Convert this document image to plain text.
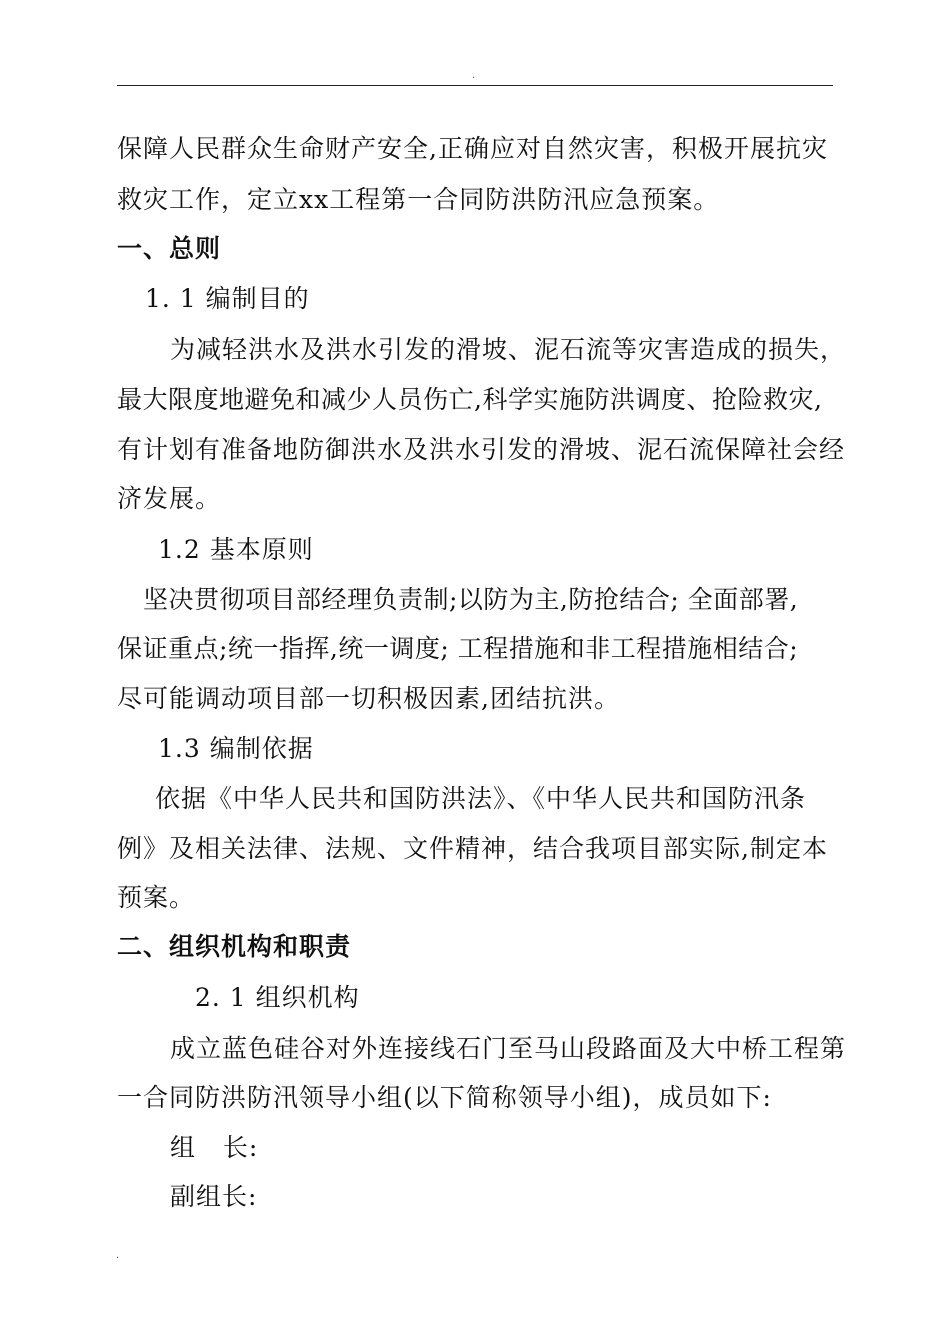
.
保障人民群众生命财产安全,正确应对自然灾害，积极开展抗灾
救灾工作，定立xx工程第一合同防洪防汛应急预案。
一、总则
1. 1 编制目的
为减轻洪水及洪水引发的滑坡、泥石流等灾害造成的损失，
最大限度地避免和减少人员伤亡,科学实施防洪调度、抢险救灾,
有计划有准备地防御洪水及洪水引发的滑坡、泥石流保障社会经
济发展。
1.2 基本原则
坚决贯彻项目部经理负责制;以防为主,防抢结合; 全面部署,
保证重点;统一指挥,统一调度; 工程措施和非工程措施相结合;
尽可能调动项目部一切积极因素,团结抗洪。
1.3 编制依据
依据《中华人民共和国防洪法》、《中华人民共和国防汛条
例》及相关法律、法规、文件精神，结合我项目部实际,制定本
预案。
二、组织机构和职责
2. 1 组织机构
成立蓝色硅谷对外连接线石门至马山段路面及大中桥工程第
一合同防洪防汛领导小组(以下简称领导小组)，成员如下:
组   长:
副组长:
.
